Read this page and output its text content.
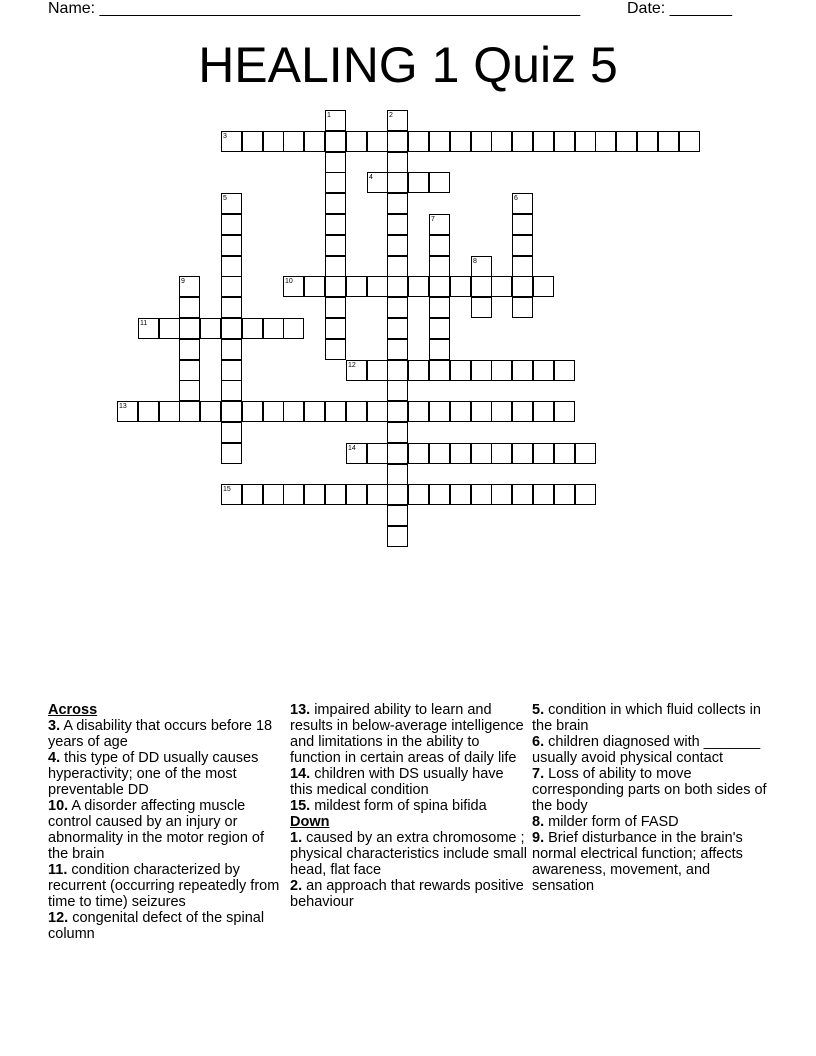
Name: ______________________________________________________	Date: _______
HEALING 1 Quiz 5
1	2
3
4
5	6
7
8
9	10
11
12
13
14
15
Across
3. A disability that occurs before 18 years of age
4. this type of DD usually causes hyperactivity; one of the most preventable DD
10. A disorder affecting muscle control caused by an injury or abnormality in the motor region of the brain
11. condition characterized by recurrent (occurring repeatedly from time to time) seizures
12. congenital defect of the spinal column
13. impaired ability to learn and results in below-average intelligence and limitations in the ability to function in certain areas of daily life
14. children with DS usually have this medical condition
15. mildest form of spina bifida
Down
1. caused by an extra chromosome ; physical characteristics include small head, flat face
2. an approach that rewards positive behaviour
5. condition in which fluid collects in the brain
6. children diagnosed with _______ usually avoid physical contact
7. Loss of ability to move corresponding parts on both sides of the body
8. milder form of FASD
9. Brief disturbance in the brain's normal electrical function; affects awareness, movement, and sensation
